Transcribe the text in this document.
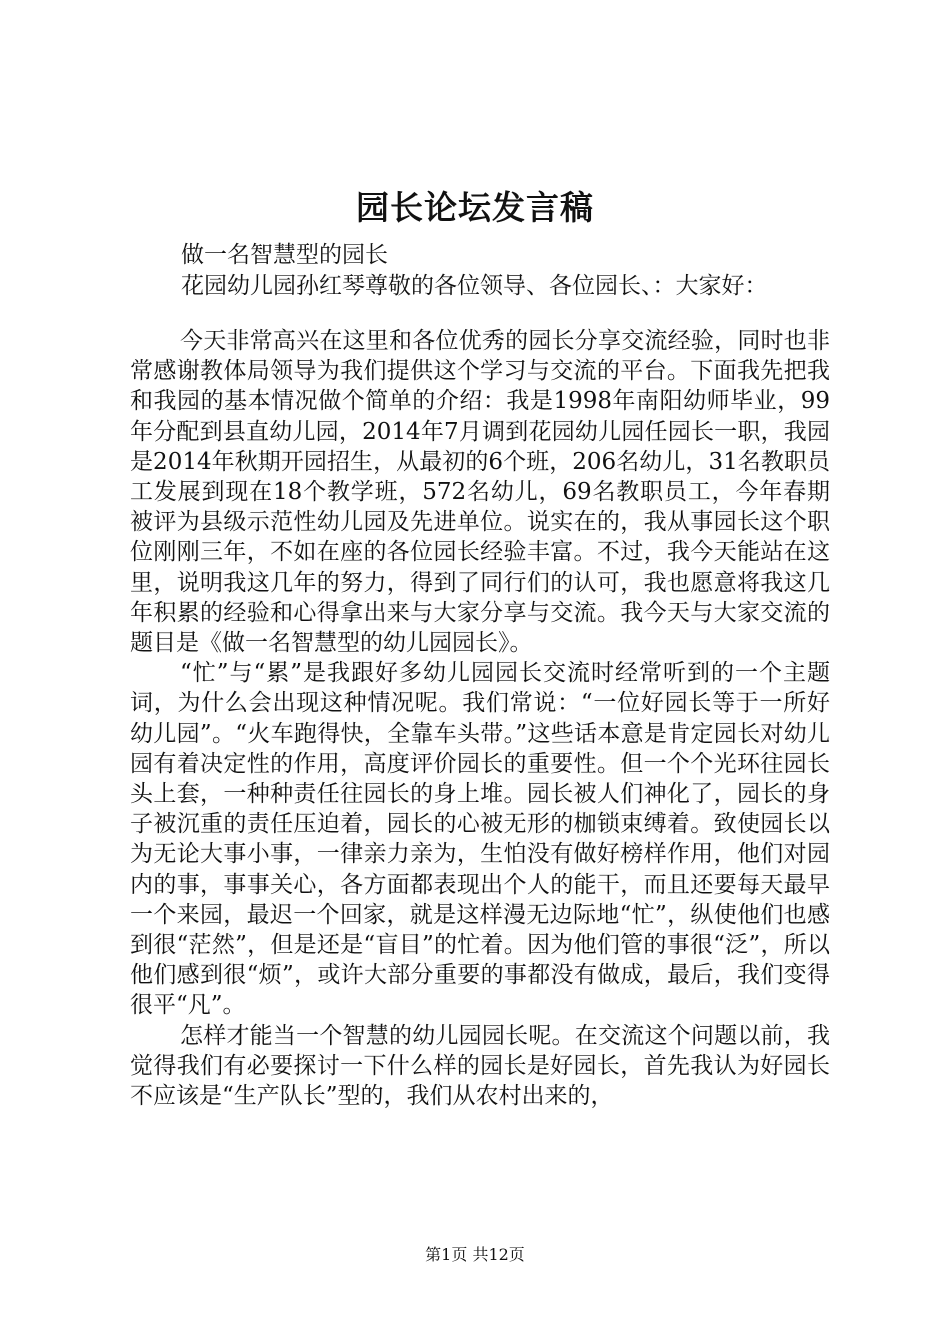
园长论坛发言稿
做一名智慧型的园长
花园幼儿园孙红琴尊敬的各位领导、各位园长、：大家好：

今天非常高兴在这里和各位优秀的园长分享交流经验，同时也非常感谢教体局领导为我们提供这个学习与交流的平台。下面我先把我和我园的基本情况做个简单的介绍：我是1998年南阳幼师毕业，99年分配到县直幼儿园，2014年7月调到花园幼儿园任园长一职，我园是2014年秋期开园招生，从最初的6个班，206名幼儿，31名教职员工发展到现在18个教学班，572名幼儿，69名教职员工，今年春期被评为县级示范性幼儿园及先进单位。说实在的，我从事园长这个职位刚刚三年，不如在座的各位园长经验丰富。不过，我今天能站在这里，说明我这几年的努力，得到了同行们的认可，我也愿意将我这几年积累的经验和心得拿出来与大家分享与交流。我今天与大家交流的题目是《做一名智慧型的幼儿园园长》。

“忙”与“累”是我跟好多幼儿园园长交流时经常听到的一个主题词，为什么会出现这种情况呢。我们常说：“一位好园长等于一所好幼儿园”。“火车跑得快，全靠车头带。”这些话本意是肯定园长对幼儿园有着决定性的作用，高度评价园长的重要性。但一个个光环往园长头上套，一种种责任往园长的身上堆。园长被人们神化了，园长的身子被沉重的责任压迫着，园长的心被无形的枷锁束缚着。致使园长以为无论大事小事，一律亲力亲为，生怕没有做好榜样作用，他们对园内的事，事事关心，各方面都表现出个人的能干，而且还要每天最早一个来园，最迟一个回家，就是这样漫无边际地“忙”，纵使他们也感到很“茫然”，但是还是“盲目”的忙着。因为他们管的事很“泛”，所以他们感到很“烦”，或许大部分重要的事都没有做成，最后，我们变得很平“凡”。

怎样才能当一个智慧的幼儿园园长呢。在交流这个问题以前，我觉得我们有必要探讨一下什么样的园长是好园长，首先我认为好园长不应该是“生产队长”型的，我们从农村出来的，

第1页 共12页
